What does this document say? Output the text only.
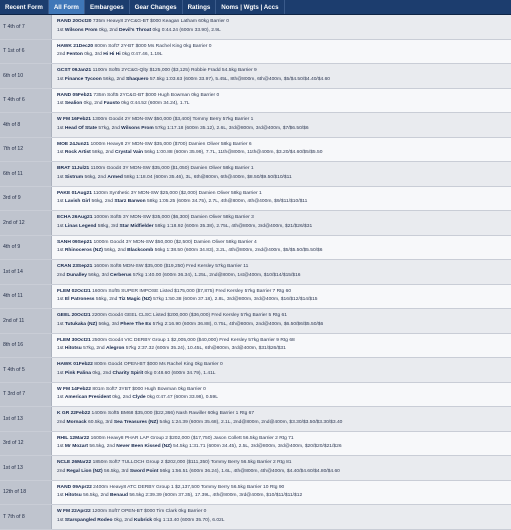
Recent Form	All Form	Embargoes	Gear Changes	Ratings	Noms | Wgts | Accs
T 4th of 7
RAND 20Oct20 735m Heavy8 2YC&G-BT $000 Keagan Latham 60kg Barrier 0
1st Wilsons Prom 0kg, 2nd Devil's Throat 0kg 0:44.24 (600m 33.90), 2.9L
T 1st of 6
HAWK 21Dec20 800m Soft7 2Y-BT $000 Ms Rachel King 0kg Barrier 0
2nd Fenton 0kg, 3rd Hi Hi Hi 0kg 0:47.46, 1.19L
6th of 10
GCST 09Jan21 1100m Soft5 2YC&G-Qlty $125,000 ($3,125) Robbie Fradd 54.5kg Barrier 9
1st Finance Tycoon 56kg, 2nd Shaquero 57.5kg 1:03.63 (600m 33.97), 5.45L, 8th@800m, 6th@400m, $5/$4.50/$4.40/$4.60
T 4th of 6
RAND 05Feb21 735m Soft5 2YC&G-BT $000 Hugh Bowman 0kg Barrier 0
1st Sealion 0kg, 2nd Fausto 0kg 0:44.52 (600m 34.24), 1.7L
4th of 8
W FM 16Feb21 1300m Good4 2Y MDN-SW $50,000 ($3,400) Tommy Berry 57kg Barrier 1
1st Head Of State 57kg, 2nd Wilsons Prom 57kg 1:17.18 (600m 35.12), 2.6L, 3rd@800m, 3rd@400m, $7/$6.50/$6
7th of 12
MOE 24Jun21 1000m Heavy8 2Y MDN-SW $35,000 ($700) Damien Oliver 58kg Barrier 6
1st Rock Artist 58kg, 2nd Crystal Vain 56kg 1:00.88 (600m 35.99), 7.7L, 11th@800m, 11th@400m, $3.20/$4.60/$5/$5.50
6th of 11
BRAT 11Jul21 1100m Good4 3Y MDN-SW $35,000 ($1,050) Damien Oliver 58kg Barrier 1
1st Sistrum 56kg, 2nd Armed 58kg 1:18.04 (600m 35.46), 3L, 6th@800m, 6th@400m, $8.50/$9.50/$10/$11
3rd of 9
PAKE 01Aug21 1100m Synthetic 3Y MDN-SW $25,000 ($2,000) Damien Oliver 58kg Barrier 1
1st Lavish Girl 56kg, 2nd Starz Barwon 58kg 1:05.25 (600m 34.75), 2.7L, 4th@800m, 4th@400m, $9/$11/$10/$11
2nd of 12
ECHA 26Aug21 1000m Soft5 3Y MDN-SW $35,000 ($6,300) Damien Oliver 58kg Barrier 3
1st Linas Legend 58kg, 3rd Star Midfielder 58kg 1:18.92 (600m 35.38), 2.75L, 4th@800m, 3rd@400m, $21/$26/$31
4th of 9
SANH 09Sep21 1000m Good4 3Y MDN-SW $50,000 ($2,500) Damien Oliver 58kg Barrier 4
1st Rhinoceros (NZ) 56kg, 2nd Blackcomb 56kg 1:38.50 (600m 34.83), 3.2L, 4th@800m, 2nd@400m, $5/$5.50/$5.50/$6
1st of 14
CRAN 23Sep21 1600m Soft6 MDN-SW $35,000 ($19,250) Fred Kersley 57kg Barrier 11
2nd Dunalley 56kg, 3rd Cerberus 57kg 1:40.00 (600m 36.34), 1.25L, 2nd@800m, 1st@400m, $10/$14/$15/$16
4th of 11
FLEM 02Oct21 1600m Soft5 SUPER IMPOSE Listed $175,000 ($7,875) Fred Kersley 57kg Barrier 7 Rtg 60
1st El Patroness 55kg, 2nd Tiz Magic (NZ) 57kg 1:50.38 (600m 37.18), 2.8L, 3rd@800m, 3rd@400m, $16/$12/$14/$15
2nd of 11
GEEL 20Oct21 2200m Good4 GEEL CLSC Listed $200,000 ($36,000) Fred Kersley 57kg Barrier 5 Rtg 61
1st Tutukaka (NZ) 56kg, 3rd Phere The Ex 57kg 2:16.90 (600m 36.88), 0.75L, 4th@800m, 2nd@400m, $6.50/$6/$5.50/$6
8th of 16
FLEM 30Oct21 2500m Good4 VIC DERBY Group 1 $2,005,000 ($40,000) Fred Kersley 57kg Barrier 9 Rtg 68
1st Hitotsu 57kg, 2nd Alegron 57kg 2:37.32 (600m 35.24), 10.45L, 6th@800m, 3rd@400m, $31/$26/$31
T 4th of 5
HAWK 01Feb22 800m Good4 OPEN-BT $000 Ms Rachel King 0kg Barrier 0
1st Pink Palina 0kg, 2nd Charity Spirit 0kg 0:48.60 (600m 34.79), 1.41L
T 3rd of 7
W FM 14Feb22 801m Soft7 3YBT $000 Hugh Bowman 0kg Barrier 0
1st American President 0kg, 2nd Clyde 0kg 0:47.47 (600m 33.98), 0.59L
1st of 13
K GR 22Feb22 1400m Soft5 BM68 $35,000 ($22,366) Nash Rawiller 60kg Barrier 1 Rtg 67
2nd Mornack 60.5kg, 3rd Sea Treasures (NZ) 54kg 1:24.39 (600m 35.68), 2.1L, 2nd@800m, 2nd@400m, $3.30/$3.50/$3.30/$3.40
3rd of 12
RHIL 12Mar22 1600m Heavy8 PHAR LAP Group 2 $202,000 ($17,750) Jason Collett 56.5kg Barrier 2 Rtg 71
1st Mr Mozart 56.5kg, 2nd Never Been Kissed (NZ) 54.5kg 1:31.71 (600m 34.45), 2.5L, 3rd@800m, 3rd@400m, $20/$20/$21/$26
1st of 13
NCLE 26Mar22 1850m Soft7 TULLOCH Group 2 $202,000 ($111,350) Tommy Berry 56.5kg Barrier 2 Rtg 81
2nd Regal Lion (NZ) 56.5kg, 3rd Sword Point 56kg 1:56.51 (600m 36.24), 1.6L, 4th@800m, 4th@400m, $4.40/$4.60/$4.80/$4.60
12th of 18
RAND 09Apr22 2400m Heavy8 ATC DERBY Group 1 $2,137,500 Tommy Berry 56.5kg Barrier 10 Rtg 90
1st Hitotsu 56.5kg, 2nd Benaud 56.5kg 2:39.39 (600m 37.35), 17.39L, 4th@800m, 3rd@400m, $10/$11/$11/$12
T 7th of 8
W FM 22Apr22 1200m Soft7 OPEN-BT $000 Tim Clark 0kg Barrier 0
1st Starspangled Rodeo 0kg, 2nd Kubrick 0kg 1:13.40 (600m 35.70), 6.02L
